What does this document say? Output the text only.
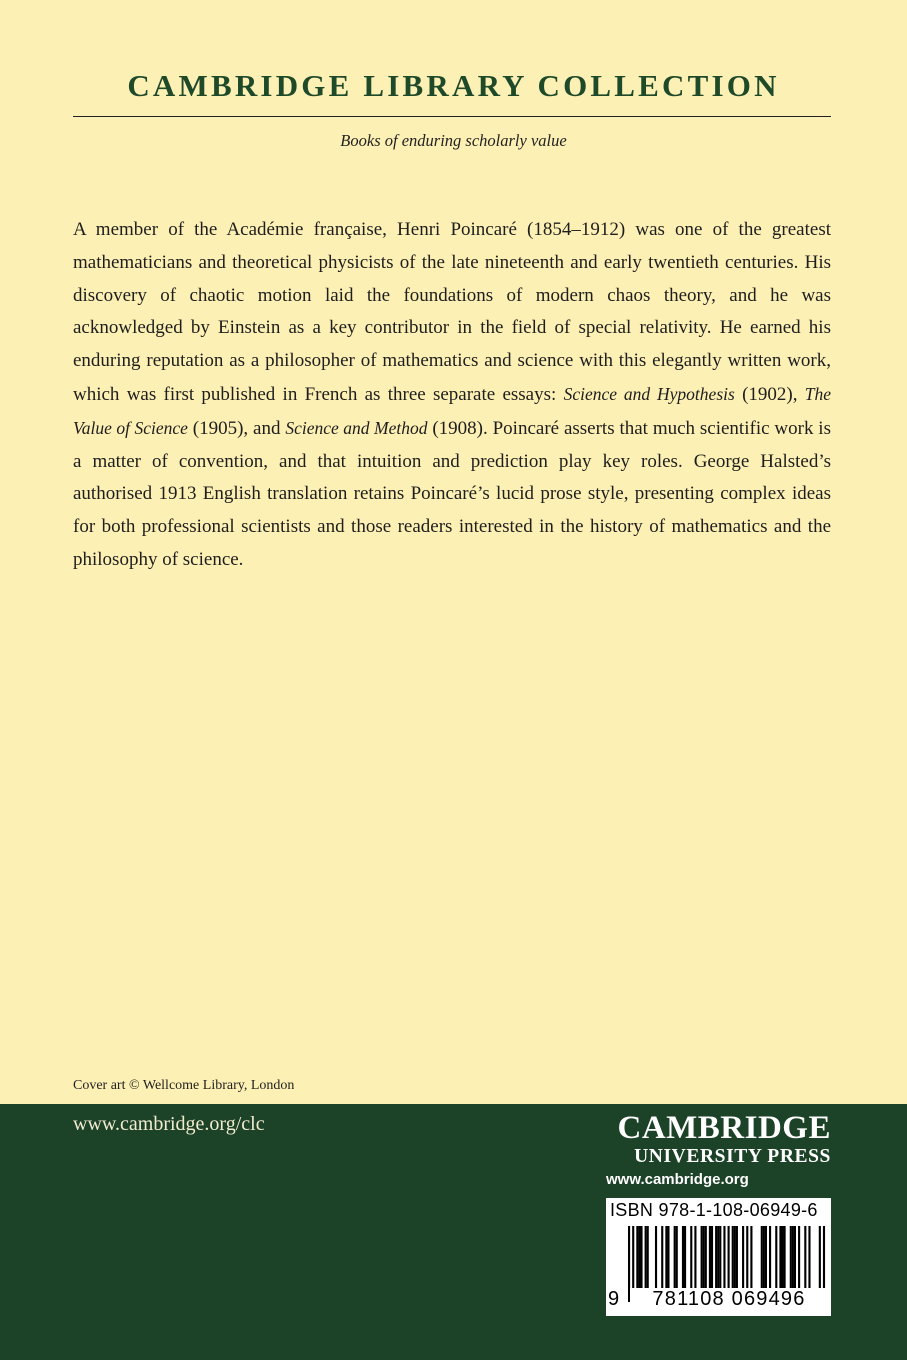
CAMBRIDGE LIBRARY COLLECTION
Books of enduring scholarly value

A member of the Académie française, Henri Poincaré (1854–1912) was one of the greatest mathematicians and theoretical physicists of the late nineteenth and early twentieth centuries. His discovery of chaotic motion laid the foundations of modern chaos theory, and he was acknowledged by Einstein as a key contributor in the field of special relativity. He earned his enduring reputation as a philosopher of mathematics and science with this elegantly written work, which was first published in French as three separate essays: Science and Hypothesis (1902), The Value of Science (1905), and Science and Method (1908). Poincaré asserts that much scientific work is a matter of convention, and that intuition and prediction play key roles. George Halsted’s authorised 1913 English translation retains Poincaré’s lucid prose style, presenting complex ideas for both professional scientists and those readers interested in the history of mathematics and the philosophy of science.

Cover art © Wellcome Library, London
www.cambridge.org/clc	CAMBRIDGE
UNIVERSITY PRESS
www.cambridge.org
ISBN 978-1-108-06949-6
9	781108 069496
